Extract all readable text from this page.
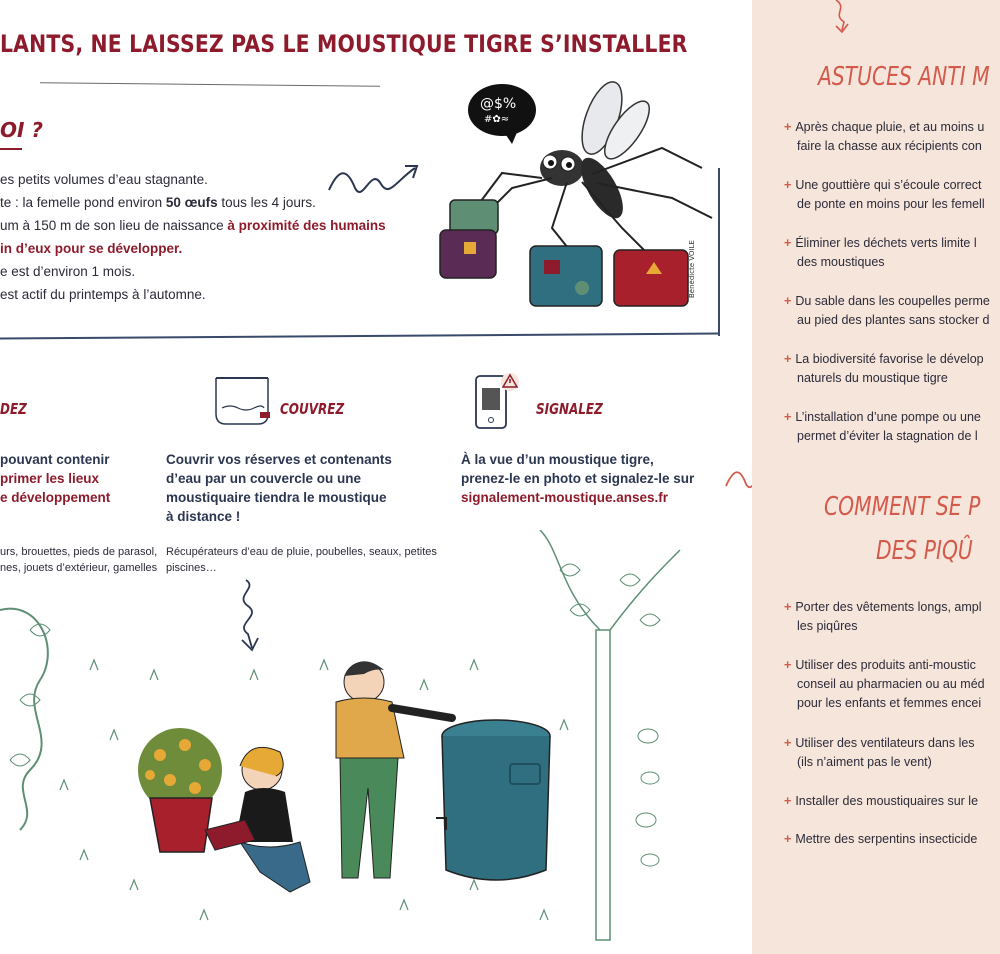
LANTS, NE LAISSEZ PAS LE MOUSTIQUE TIGRE S’INSTALLER
OI ?
es petits volumes d’eau stagnante.
te : la femelle pond environ 50 œufs tous les 4 jours.
um à 150 m de son lieu de naissance à proximité des humains
in d’eux pour se développer.
e est d’environ 1 mois.
est actif du printemps à l’automne.
@$%
#✿≈
Bénédicte VOILE
DEZ
pouvant contenir
primer les lieux
e développement
urs, brouettes, pieds de parasol,
nes, jouets d’extérieur, gamelles
COUVREZ
Couvrir vos réserves et contenants
d’eau par un couvercle ou une
moustiquaire tiendra le moustique
à distance !
Récupérateurs d’eau de pluie, poubelles, seaux, petites
piscines…
SIGNALEZ
À la vue d’un moustique tigre,
prenez-le en photo et signalez-le sur
signalement-moustique.anses.fr
ASTUCES ANTI M
+ Après chaque pluie, et au moins u
faire la chasse aux récipients con
+ Une gouttière qui s’écoule correct
de ponte en moins pour les femell
+ Éliminer les déchets verts limite l
des moustiques
+ Du sable dans les coupelles perme
au pied des plantes sans stocker d
+ La biodiversité favorise le dévelop
naturels du moustique tigre
+ L’installation d’une pompe ou une
permet d’éviter la stagnation de l
COMMENT SE P
DES PIQÛ
+ Porter des vêtements longs, ampl
les piqûres
+ Utiliser des produits anti-moustic
conseil au pharmacien ou au méd
pour les enfants et femmes encei
+ Utiliser des ventilateurs dans les
(ils n’aiment pas le vent)
+ Installer des moustiquaires sur le
+ Mettre des serpentins insecticide
